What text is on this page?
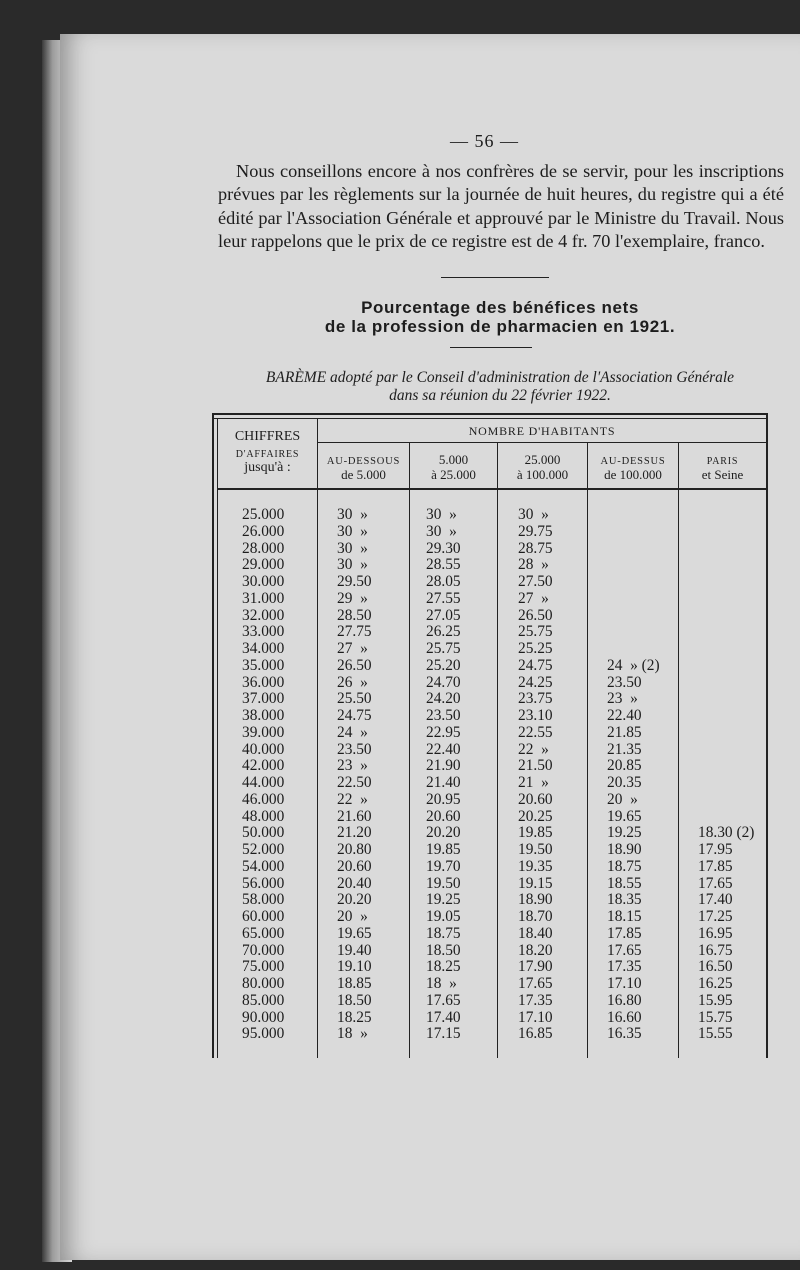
— 56 —

Nous conseillons encore à nos confrères de se servir, pour les inscriptions prévues par les règlements sur la journée de huit heures, du registre qui a été édité par l'Association Générale et approuvé par le Ministre du Travail. Nous leur rappelons que le prix de ce registre est de 4 fr. 70 l'exemplaire, franco.

Pourcentage des bénéfices nets
de la profession de pharmacien en 1921.
BARÈME adopté par le Conseil d'administration de l'Association Générale
dans sa réunion du 22 février 1922.
NOMBRE D'HABITANTS
CHIFFRES
D'AFFAIRES
jusqu'à :	AU-DESSOUS
de 5.000
5.000
à 25.000
25.000
à 100.000
AU-DESSUS
de 100.000
PARIS
et Seine
25.000
26.000
28.000
29.000
30.000
31.000
32.000
33.000
34.000
35.000
36.000
37.000
38.000
39.000
40.000
42.000
44.000
46.000
48.000
50.000
52.000
54.000
56.000
58.000
60.000
65.000
70.000
75.000
80.000
85.000
90.000
95.000
30  »
30  »
30  »
30  »
29.50
29  »
28.50
27.75
27  »
26.50
26  »
25.50
24.75
24  »
23.50
23  »
22.50
22  »
21.60
21.20
20.80
20.60
20.40
20.20
20  »
19.65
19.40
19.10
18.85
18.50
18.25
18  »
30  »
30  »
29.30
28.55
28.05
27.55
27.05
26.25
25.75
25.20
24.70
24.20
23.50
22.95
22.40
21.90
21.40
20.95
20.60
20.20
19.85
19.70
19.50
19.25
19.05
18.75
18.50
18.25
18  »
17.65
17.40
17.15
30  »
29.75
28.75
28  »
27.50
27  »
26.50
25.75
25.25
24.75
24.25
23.75
23.10
22.55
22  »
21.50
21  »
20.60
20.25
19.85
19.50
19.35
19.15
18.90
18.70
18.40
18.20
17.90
17.65
17.35
17.10
16.85
24  » (2)
23.50
23  »
22.40
21.85
21.35
20.85
20.35
20  »
19.65
19.25
18.90
18.75
18.55
18.35
18.15
17.85
17.65
17.35
17.10
16.80
16.60
16.35
18.30 (2)
17.95
17.85
17.65
17.40
17.25
16.95
16.75
16.50
16.25
15.95
15.75
15.55
